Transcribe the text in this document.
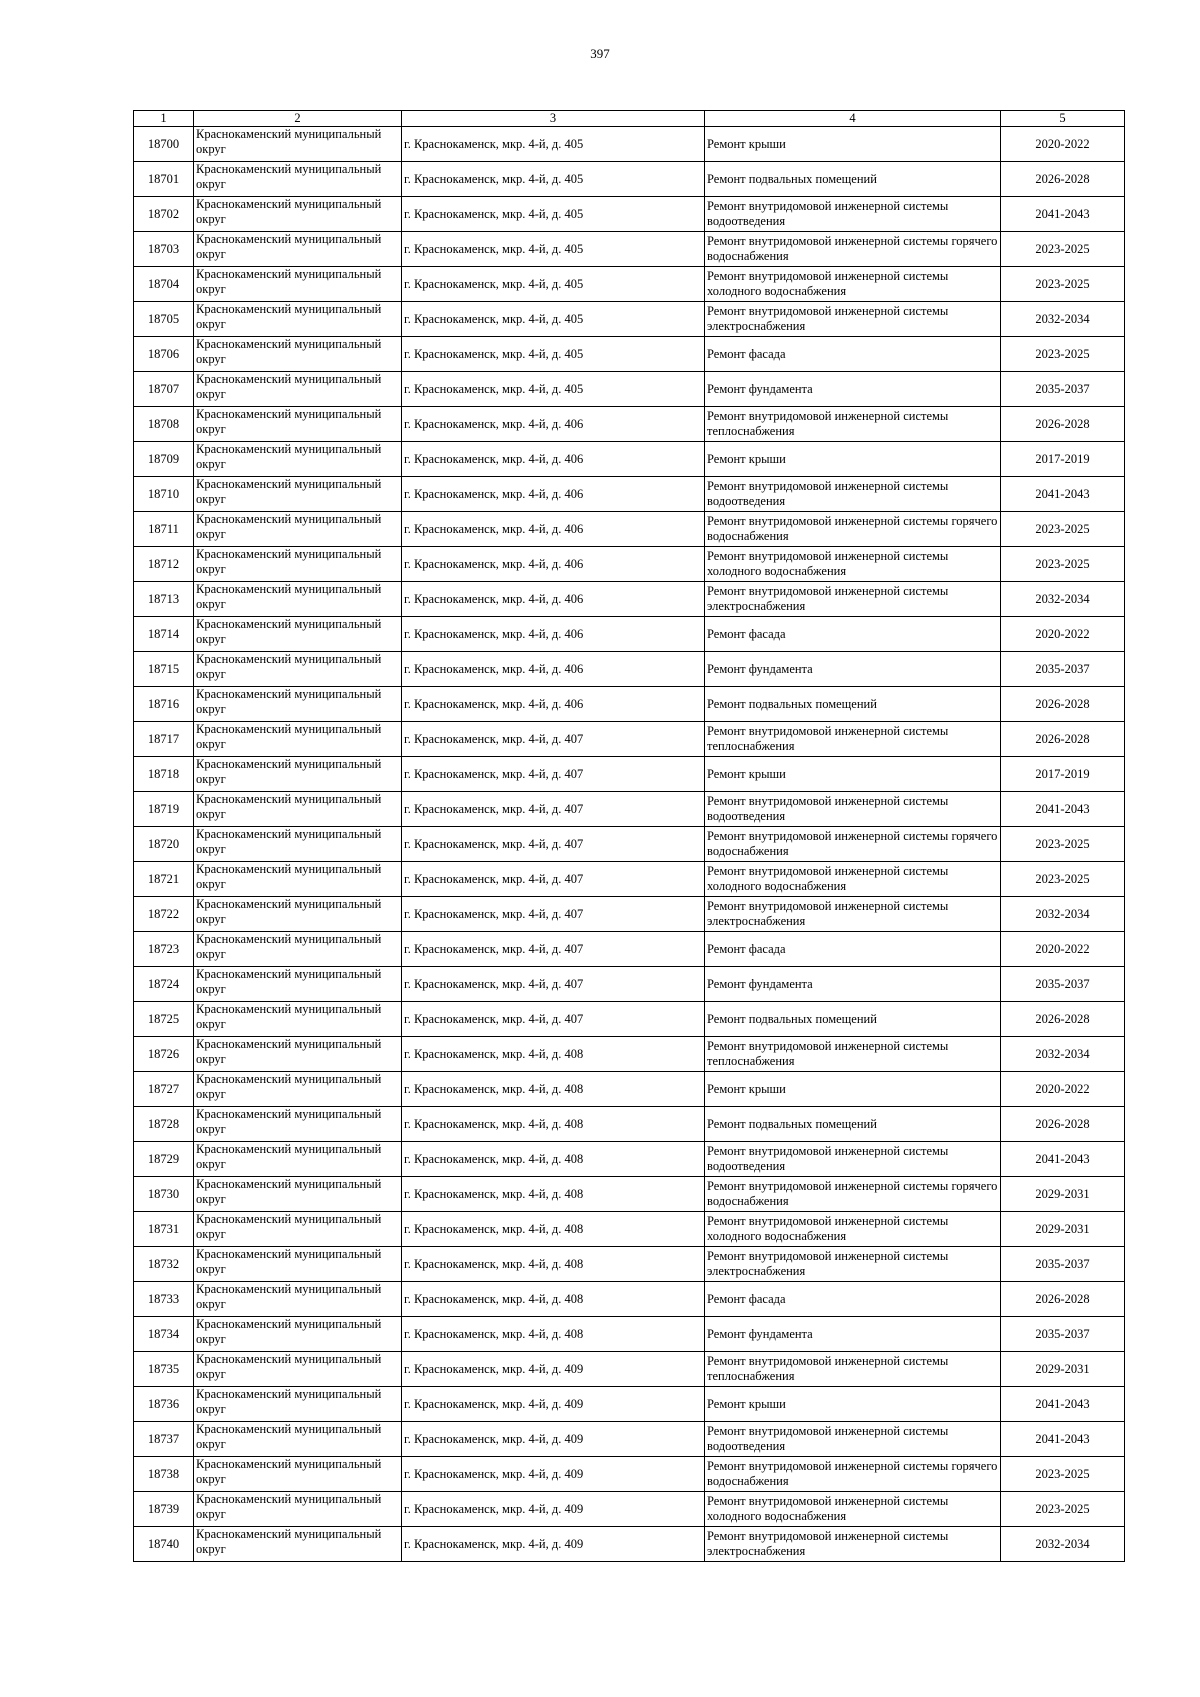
397
1	2	3	4	5
18700	Краснокаменский муниципальный округ	г. Краснокаменск, мкр. 4-й, д. 405	Ремонт крыши	2020-2022
18701	Краснокаменский муниципальный округ	г. Краснокаменск, мкр. 4-й, д. 405	Ремонт подвальных помещений	2026-2028
18702	Краснокаменский муниципальный округ	г. Краснокаменск, мкр. 4-й, д. 405	Ремонт внутридомовой инженерной системы водоотведения	2041-2043
18703	Краснокаменский муниципальный округ	г. Краснокаменск, мкр. 4-й, д. 405	Ремонт внутридомовой инженерной системы горячего водоснабжения	2023-2025
18704	Краснокаменский муниципальный округ	г. Краснокаменск, мкр. 4-й, д. 405	Ремонт внутридомовой инженерной системы холодного водоснабжения	2023-2025
18705	Краснокаменский муниципальный округ	г. Краснокаменск, мкр. 4-й, д. 405	Ремонт внутридомовой инженерной системы электроснабжения	2032-2034
18706	Краснокаменский муниципальный округ	г. Краснокаменск, мкр. 4-й, д. 405	Ремонт фасада	2023-2025
18707	Краснокаменский муниципальный округ	г. Краснокаменск, мкр. 4-й, д. 405	Ремонт фундамента	2035-2037
18708	Краснокаменский муниципальный округ	г. Краснокаменск, мкр. 4-й, д. 406	Ремонт внутридомовой инженерной системы теплоснабжения	2026-2028
18709	Краснокаменский муниципальный округ	г. Краснокаменск, мкр. 4-й, д. 406	Ремонт крыши	2017-2019
18710	Краснокаменский муниципальный округ	г. Краснокаменск, мкр. 4-й, д. 406	Ремонт внутридомовой инженерной системы водоотведения	2041-2043
18711	Краснокаменский муниципальный округ	г. Краснокаменск, мкр. 4-й, д. 406	Ремонт внутридомовой инженерной системы горячего водоснабжения	2023-2025
18712	Краснокаменский муниципальный округ	г. Краснокаменск, мкр. 4-й, д. 406	Ремонт внутридомовой инженерной системы холодного водоснабжения	2023-2025
18713	Краснокаменский муниципальный округ	г. Краснокаменск, мкр. 4-й, д. 406	Ремонт внутридомовой инженерной системы электроснабжения	2032-2034
18714	Краснокаменский муниципальный округ	г. Краснокаменск, мкр. 4-й, д. 406	Ремонт фасада	2020-2022
18715	Краснокаменский муниципальный округ	г. Краснокаменск, мкр. 4-й, д. 406	Ремонт фундамента	2035-2037
18716	Краснокаменский муниципальный округ	г. Краснокаменск, мкр. 4-й, д. 406	Ремонт подвальных помещений	2026-2028
18717	Краснокаменский муниципальный округ	г. Краснокаменск, мкр. 4-й, д. 407	Ремонт внутридомовой инженерной системы теплоснабжения	2026-2028
18718	Краснокаменский муниципальный округ	г. Краснокаменск, мкр. 4-й, д. 407	Ремонт крыши	2017-2019
18719	Краснокаменский муниципальный округ	г. Краснокаменск, мкр. 4-й, д. 407	Ремонт внутридомовой инженерной системы водоотведения	2041-2043
18720	Краснокаменский муниципальный округ	г. Краснокаменск, мкр. 4-й, д. 407	Ремонт внутридомовой инженерной системы горячего водоснабжения	2023-2025
18721	Краснокаменский муниципальный округ	г. Краснокаменск, мкр. 4-й, д. 407	Ремонт внутридомовой инженерной системы холодного водоснабжения	2023-2025
18722	Краснокаменский муниципальный округ	г. Краснокаменск, мкр. 4-й, д. 407	Ремонт внутридомовой инженерной системы электроснабжения	2032-2034
18723	Краснокаменский муниципальный округ	г. Краснокаменск, мкр. 4-й, д. 407	Ремонт фасада	2020-2022
18724	Краснокаменский муниципальный округ	г. Краснокаменск, мкр. 4-й, д. 407	Ремонт фундамента	2035-2037
18725	Краснокаменский муниципальный округ	г. Краснокаменск, мкр. 4-й, д. 407	Ремонт подвальных помещений	2026-2028
18726	Краснокаменский муниципальный округ	г. Краснокаменск, мкр. 4-й, д. 408	Ремонт внутридомовой инженерной системы теплоснабжения	2032-2034
18727	Краснокаменский муниципальный округ	г. Краснокаменск, мкр. 4-й, д. 408	Ремонт крыши	2020-2022
18728	Краснокаменский муниципальный округ	г. Краснокаменск, мкр. 4-й, д. 408	Ремонт подвальных помещений	2026-2028
18729	Краснокаменский муниципальный округ	г. Краснокаменск, мкр. 4-й, д. 408	Ремонт внутридомовой инженерной системы водоотведения	2041-2043
18730	Краснокаменский муниципальный округ	г. Краснокаменск, мкр. 4-й, д. 408	Ремонт внутридомовой инженерной системы горячего водоснабжения	2029-2031
18731	Краснокаменский муниципальный округ	г. Краснокаменск, мкр. 4-й, д. 408	Ремонт внутридомовой инженерной системы холодного водоснабжения	2029-2031
18732	Краснокаменский муниципальный округ	г. Краснокаменск, мкр. 4-й, д. 408	Ремонт внутридомовой инженерной системы электроснабжения	2035-2037
18733	Краснокаменский муниципальный округ	г. Краснокаменск, мкр. 4-й, д. 408	Ремонт фасада	2026-2028
18734	Краснокаменский муниципальный округ	г. Краснокаменск, мкр. 4-й, д. 408	Ремонт фундамента	2035-2037
18735	Краснокаменский муниципальный округ	г. Краснокаменск, мкр. 4-й, д. 409	Ремонт внутридомовой инженерной системы теплоснабжения	2029-2031
18736	Краснокаменский муниципальный округ	г. Краснокаменск, мкр. 4-й, д. 409	Ремонт крыши	2041-2043
18737	Краснокаменский муниципальный округ	г. Краснокаменск, мкр. 4-й, д. 409	Ремонт внутридомовой инженерной системы водоотведения	2041-2043
18738	Краснокаменский муниципальный округ	г. Краснокаменск, мкр. 4-й, д. 409	Ремонт внутридомовой инженерной системы горячего водоснабжения	2023-2025
18739	Краснокаменский муниципальный округ	г. Краснокаменск, мкр. 4-й, д. 409	Ремонт внутридомовой инженерной системы холодного водоснабжения	2023-2025
18740	Краснокаменский муниципальный округ	г. Краснокаменск, мкр. 4-й, д. 409	Ремонт внутридомовой инженерной системы электроснабжения	2032-2034
